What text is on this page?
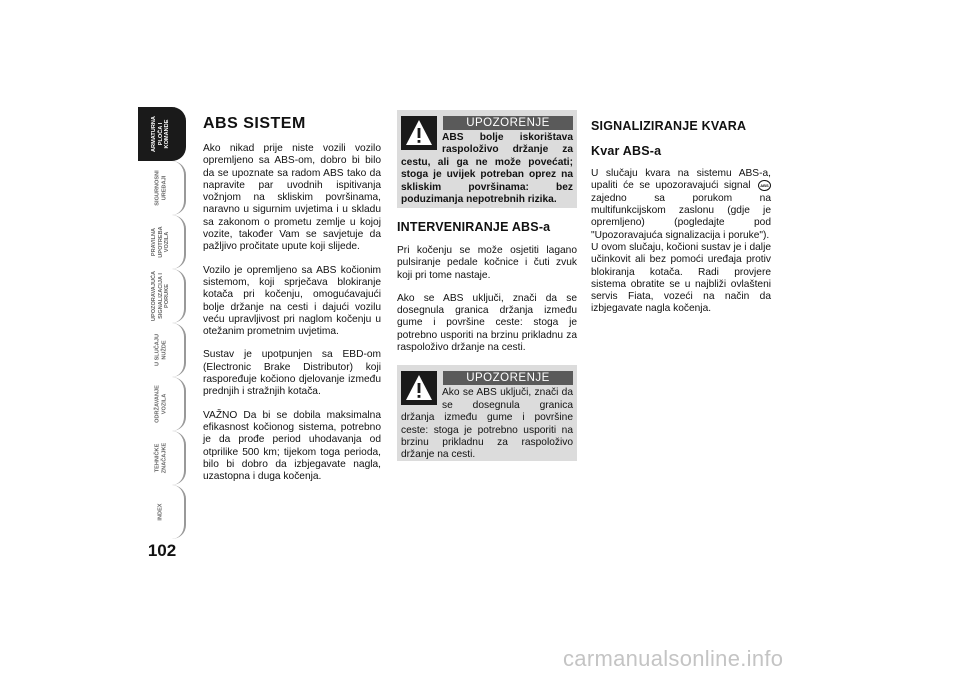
ARMATURNA
PLOČA I
KOMANDE
SIGURNOSNI
UREĐAJI
PRAVILNA
UPOTREBA
VOZILA
UPOZORAVAJUĆA
SIGNALIZACIJA I
PORUKE
U SLUČAJU
NUŽDE
ODRŽAVANJE
VOZILA
TEHNIČKE
ZNAČAJKE
INDEX
102
ABS SISTEM

Ako nikad prije niste vozili vozilo opremljeno sa ABS-om, dobro bi bilo da se upoznate sa radom ABS tako da napravite par uvodnih ispitivanja vožnjom na skliskim površinama, naravno u sigurnim uvjetima i u skladu sa zakonom o prometu zemlje u kojoj vozite, također Vam se savjetuje da pažljivo pročitate upute koji slijede.

Vozilo je opremljeno sa ABS kočionim sistemom, koji sprječava blokiranje kotača pri kočenju, omogućavajući bolje držanje na cesti i dajući vozilu veću upravljivost pri naglom kočenju u otežanim prometnim uvjetima.

Sustav je upotpunjen sa EBD-om (Electronic Brake Distributor) koji raspoređuje kočiono djelovanje između prednjih i stražnjih kotača.

VAŽNO Da bi se dobila maksimalna efikasnost kočionog sistema, potrebno je da prođe period uhodavanja od otprilike 500 km; tijekom toga perioda, bilo bi dobro da izbjegavate nagla, uzastopna i duga kočenja.

UPOZORENJE
ABS bolje iskorištava raspoloživo držanje za cestu, ali ga ne može povećati; stoga je uvijek potreban oprez na skliskim površinama: bez poduzimanja nepotrebnih rizika.
INTERVENIRANJE ABS-a

Pri kočenju se može osjetiti lagano pulsiranje pedale kočnice i čuti zvuk koji pri tome nastaje.

Ako se ABS uključi, znači da se dosegnula granica držanja između gume i površine ceste: stoga je potrebno usporiti na brzinu prikladnu za raspoloživo držanje na cesti.

UPOZORENJE
Ako se ABS uključi, znači da se dosegnula granica držanja između gume i površine ceste: stoga je potrebno usporiti na brzinu prikladnu za raspoloživo držanje na cesti.
SIGNALIZIRANJE KVARA
Kvar ABS-a

U slučaju kvara na sistemu ABS-a, upaliti će se upozoravajući signal ABS zajedno sa porukom na multifunkcijskom zaslonu (gdje je opremljeno) (pogledajte pod "Upozoravajuća signalizacija i poruke").

U ovom slučaju, kočioni sustav je i dalje učinkovit ali bez pomoći uređaja protiv blokiranja kotača. Radi provjere sistema obratite se u najbliži ovlašteni servis Fiata, vozeći na način da izbjegavate nagla kočenja.

carmanualsonline.info
